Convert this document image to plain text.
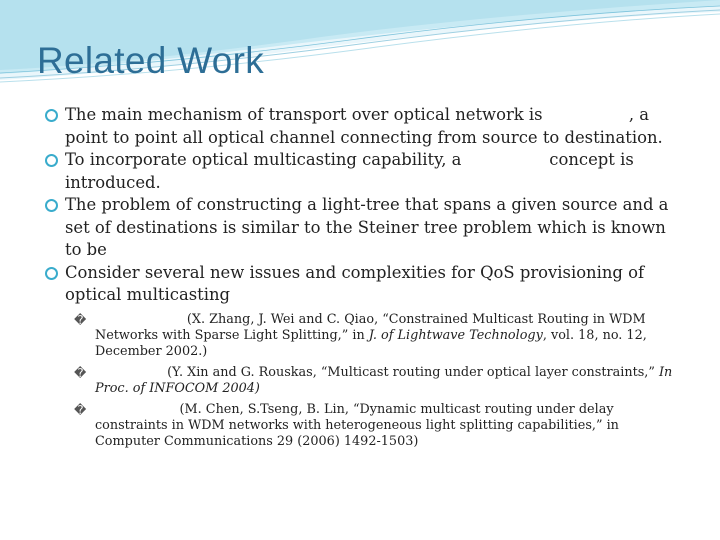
Related Work
The main mechanism of transport over optical network is light-path, a point to point all optical channel connecting from source to destination.
To incorporate optical multicasting capability, a light-tree concept is introduced.
The problem of constructing a light-tree that spans a given source and a set of destinations is similar to the Steiner tree problem which is known to be NP-complete
Consider several new issues and complexities for QoS provisioning of optical multicasting
� [Zhang 2000] (X. Zhang, J. Wei and C. Qiao, “Constrained Multicast Routing in WDM Networks with Sparse Light Splitting,” in J. of Lightwave Technology, vol. 18, no. 12, December 2002.)
� [Xin 2004] (Y. Xin and G. Rouskas, “Multicast routing under optical layer constraints,” In Proc. of INFOCOM 2004)
� [Chen 2006] (M. Chen, S.Tseng, B. Lin, “Dynamic multicast routing under delay constraints in WDM networks with heterogeneous light splitting capabilities,” in Computer Communications 29 (2006) 1492-1503)
